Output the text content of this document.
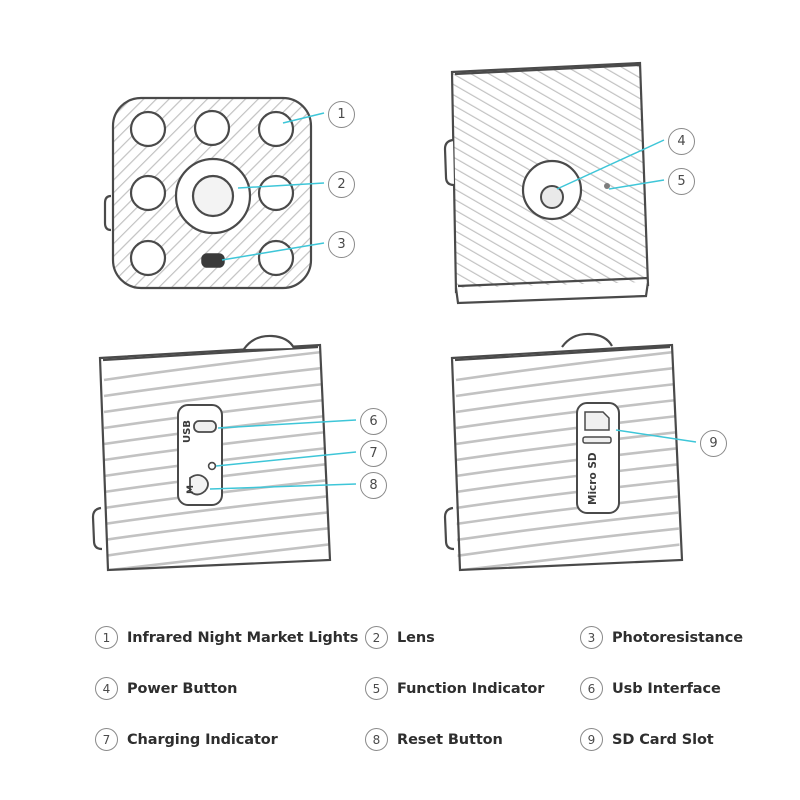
USB
M	Micro SD
1
2
3
4
5
6
7
8
9
1	Infrared Night Market Lights	2	Lens	3	Photoresistance
4	Power Button	5	Function Indicator	6	Usb Interface
7	Charging Indicator	8	Reset Button	9	SD Card Slot
